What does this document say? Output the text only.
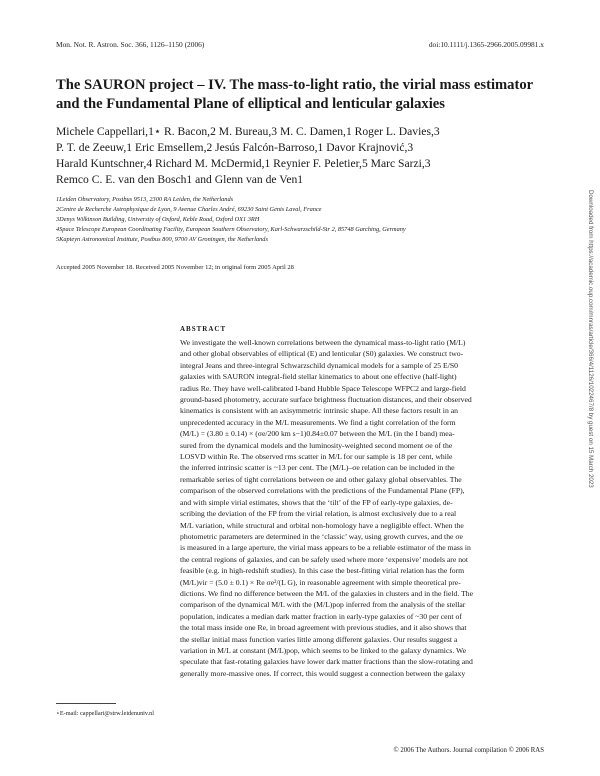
Mon. Not. R. Astron. Soc. 366, 1126–1150 (2006)	doi:10.1111/j.1365-2966.2005.09981.x
The SAURON project – IV. The mass-to-light ratio, the virial mass estimator and the Fundamental Plane of elliptical and lenticular galaxies
Michele Cappellari,1⋆ R. Bacon,2 M. Bureau,3 M. C. Damen,1 Roger L. Davies,3
P. T. de Zeeuw,1 Eric Emsellem,2 Jesús Falcón-Barroso,1 Davor Krajnović,3
Harald Kuntschner,4 Richard M. McDermid,1 Reynier F. Peletier,5 Marc Sarzi,3
Remco C. E. van den Bosch1 and Glenn van de Ven1
1Leiden Observatory, Postbus 9513, 2300 RA Leiden, the Netherlands
2Centre de Recherche Astrophysique de Lyon, 9 Avenue Charles André, 69230 Saint Genis Laval, France
3Denys Wilkinson Building, University of Oxford, Keble Road, Oxford OX1 3RH
4Space Telescope European Coordinating Facility, European Southern Observatory, Karl-Schwarzschild-Str 2, 85748 Garching, Germany
5Kapteyn Astronomical Institute, Postbus 800, 9700 AV Groningen, the Netherlands
Accepted 2005 November 18. Received 2005 November 12; in original form 2005 April 28
ABSTRACT
We investigate the well-known correlations between the dynamical mass-to-light ratio (M/L)
and other global observables of elliptical (E) and lenticular (S0) galaxies. We construct two-
integral Jeans and three-integral Schwarzschild dynamical models for a sample of 25 E/S0
galaxies with SAURON integral-field stellar kinematics to about one effective (half-light)
radius Re. They have well-calibrated I-band Hubble Space Telescope WFPC2 and large-field
ground-based photometry, accurate surface brightness fluctuation distances, and their observed
kinematics is consistent with an axisymmetric intrinsic shape. All these factors result in an
unprecedented accuracy in the M/L measurements. We find a tight correlation of the form
(M/L) = (3.80 ± 0.14) × (σe/200 km s−1)0.84±0.07 between the M/L (in the I band) mea-
sured from the dynamical models and the luminosity-weighted second moment σe of the
LOSVD within Re. The observed rms scatter in M/L for our sample is 18 per cent, while
the inferred intrinsic scatter is ~13 per cent. The (M/L)–σe relation can be included in the
remarkable series of tight correlations between σe and other galaxy global observables. The
comparison of the observed correlations with the predictions of the Fundamental Plane (FP),
and with simple virial estimates, shows that the ‘tilt’ of the FP of early-type galaxies, de-
scribing the deviation of the FP from the virial relation, is almost exclusively due to a real
M/L variation, while structural and orbital non-homology have a negligible effect. When the
photometric parameters are determined in the ‘classic’ way, using growth curves, and the σe
is measured in a large aperture, the virial mass appears to be a reliable estimator of the mass in
the central regions of galaxies, and can be safely used where more ‘expensive’ models are not
feasible (e.g. in high-redshift studies). In this case the best-fitting virial relation has the form
(M/L)vir = (5.0 ± 0.1) × Re σe²/(L G), in reasonable agreement with simple theoretical pre-
dictions. We find no difference between the M/L of the galaxies in clusters and in the field. The
comparison of the dynamical M/L with the (M/L)pop inferred from the analysis of the stellar
population, indicates a median dark matter fraction in early-type galaxies of ~30 per cent of
the total mass inside one Re, in broad agreement with previous studies, and it also shows that
the stellar initial mass function varies little among different galaxies. Our results suggest a
variation in M/L at constant (M/L)pop, which seems to be linked to the galaxy dynamics. We
speculate that fast-rotating galaxies have lower dark matter fractions than the slow-rotating and
generally more-massive ones. If correct, this would suggest a connection between the galaxy
⋆E-mail: cappellari@strw.leidenuniv.nl
© 2006 The Authors. Journal compilation © 2006 RAS
Downloaded from https://academic.oup.com/mnras/article/366/4/1126/1022467/8 by guest on 15 March 2023
